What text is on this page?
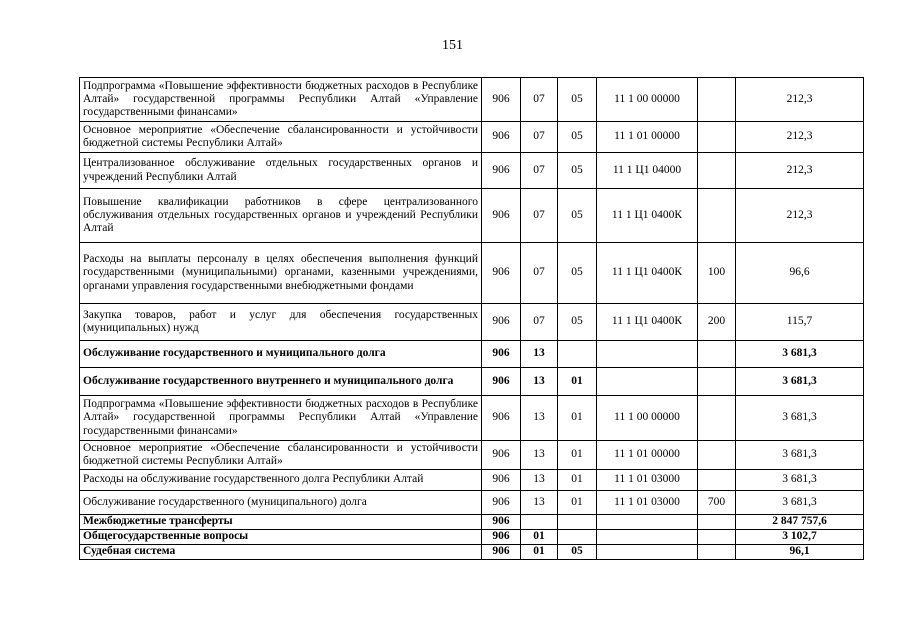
151
Подпрограмма «Повышение эффективности бюджетных расходов в Республике Алтай» государственной программы Республики Алтай «Управление государственными финансами»	906	07	05	11 1 00 00000		212,3
Основное мероприятие «Обеспечение сбалансированности и устойчивости бюджетной системы Республики Алтай»	906	07	05	11 1 01 00000		212,3
Централизованное обслуживание отдельных государственных органов и учреждений Республики Алтай	906	07	05	11 1 Ц1 04000		212,3
Повышение квалификации работников в сфере централизованного обслуживания отдельных государственных органов и учреждений Республики Алтай	906	07	05	11 1 Ц1 0400К		212,3
Расходы на выплаты персоналу в целях обеспечения выполнения функций государственными (муниципальными) органами, казенными учреждениями, органами управления государственными внебюджетными фондами	906	07	05	11 1 Ц1 0400К	100	96,6
Закупка товаров, работ и услуг для обеспечения государственных (муниципальных) нужд	906	07	05	11 1 Ц1 0400К	200	115,7
Обслуживание государственного и муниципального долга	906	13				3 681,3
Обслуживание государственного внутреннего и муниципального долга	906	13	01			3 681,3
Подпрограмма «Повышение эффективности бюджетных расходов в Республике Алтай» государственной программы Республики Алтай «Управление государственными финансами»	906	13	01	11 1 00 00000		3 681,3
Основное мероприятие «Обеспечение сбалансированности и устойчивости бюджетной системы Республики Алтай»	906	13	01	11 1 01 00000		3 681,3
Расходы на обслуживание государственного долга Республики Алтай	906	13	01	11 1 01 03000		3 681,3
Обслуживание государственного (муниципального) долга	906	13	01	11 1 01 03000	700	3 681,3
Межбюджетные трансферты	906					2 847 757,6
Общегосударственные вопросы	906	01				3 102,7
Судебная система	906	01	05			96,1
